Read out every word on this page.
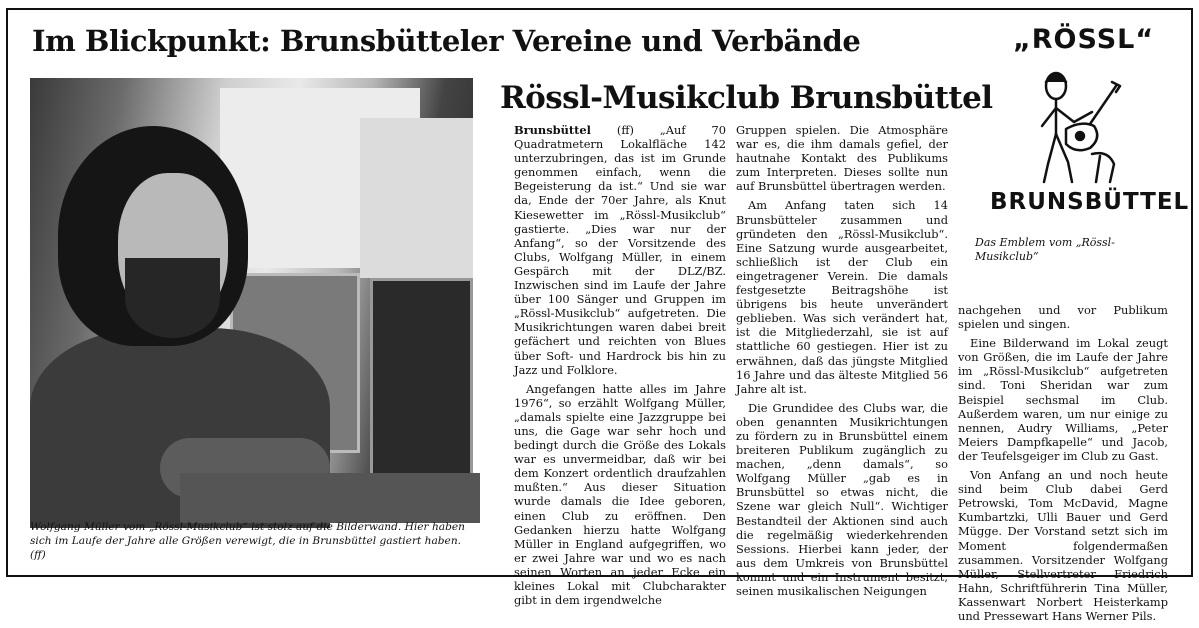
Im Blickpunkt: Brunsbütteler Vereine und Verbände
Rössl-Musikclub Brunsbüttel

Wolfgang Müller vom „Rössl-Musikclub“ ist stolz auf die Bilderwand. Hier haben sich im Laufe der Jahre alle Größen verewigt, die in Brunsbüttel gastiert haben. (ff)

Brunsbüttel (ff) „Auf 70 Quadratmetern Lokalfläche 142 unterzubringen, das ist im Grunde genommen einfach, wenn die Begeisterung da ist.“ Und sie war da, Ende der 70er Jahre, als Knut Kiesewetter im „Rössl-Musikclub“ gastierte. „Dies war nur der Anfang“, so der Vorsitzende des Clubs, Wolfgang Müller, in einem Gespärch mit der DLZ/BZ. Inzwischen sind im Laufe der Jahre über 100 Sänger und Gruppen im „Rössl-Musikclub“ aufgetreten. Die Musikrichtungen waren dabei breit gefächert und reichten von Blues über Soft- und Hardrock bis hin zu Jazz und Folklore.

Angefangen hatte alles im Jahre 1976“, so erzählt Wolfgang Müller, „damals spielte eine Jazzgruppe bei uns, die Gage war sehr hoch und bedingt durch die Größe des Lokals war es unvermeidbar, daß wir bei dem Konzert ordentlich draufzahlen mußten.“ Aus dieser Situation wurde damals die Idee geboren, einen Club zu eröffnen. Den Gedanken hierzu hatte Wolfgang Müller in England aufgegriffen, wo er zwei Jahre war und wo es nach seinen Worten an jeder Ecke ein kleines Lokal mit Clubcharakter gibt in dem irgendwelche

Gruppen spielen. Die Atmosphäre war es, die ihm damals gefiel, der hautnahe Kontakt des Publikums zum Interpreten. Dieses sollte nun auf Brunsbüttel übertragen werden.

Am Anfang taten sich 14 Brunsbütteler zusammen und gründeten den „Rössl-Musikclub“. Eine Satzung wurde ausgearbeitet, schließlich ist der Club ein eingetragener Verein. Die damals festgesetzte Beitragshöhe ist übrigens bis heute unverändert geblieben. Was sich verändert hat, ist die Mitgliederzahl, sie ist auf stattliche 60 gestiegen. Hier ist zu erwähnen, daß das jüngste Mitglied 16 Jahre und das älteste Mitglied 56 Jahre alt ist.

Die Grundidee des Clubs war, die oben genannten Musikrichtungen zu fördern zu in Brunsbüttel einem breiteren Publikum zugänglich zu machen, „denn damals“, so Wolfgang Müller „gab es in Brunsbüttel so etwas nicht, die Szene war gleich Null“. Wichtiger Bestandteil der Aktionen sind auch die regelmäßig wiederkehrenden Sessions. Hierbei kann jeder, der aus dem Umkreis von Brunsbüttel kommt und ein Instrument besitzt, seinen musikalischen Neigungen

nachgehen und vor Publikum spielen und singen.

Eine Bilderwand im Lokal zeugt von Größen, die im Laufe der Jahre im „Rössl-Musikclub“ aufgetreten sind. Toni Sheridan war zum Beispiel sechsmal im Club. Außerdem waren, um nur einige zu nennen, Audry Williams, „Peter Meiers Dampfkapelle“ und Jacob, der Teufelsgeiger im Club zu Gast.

Von Anfang an und noch heute sind beim Club dabei Gerd Petrowski, Tom McDavid, Magne Kumbartzki, Ulli Bauer und Gerd Mügge. Der Vorstand setzt sich im Moment folgendermaßen zusammen. Vorsitzender Wolfgang Müller, Stellvertreter Friedrich Hahn, Schriftführerin Tina Müller, Kassenwart Norbert Heisterkamp und Pressewart Hans Werner Pils.

„RÖSSL“
BRUNSBÜTTEL

Das Emblem vom „Rössl-Musikclub“
